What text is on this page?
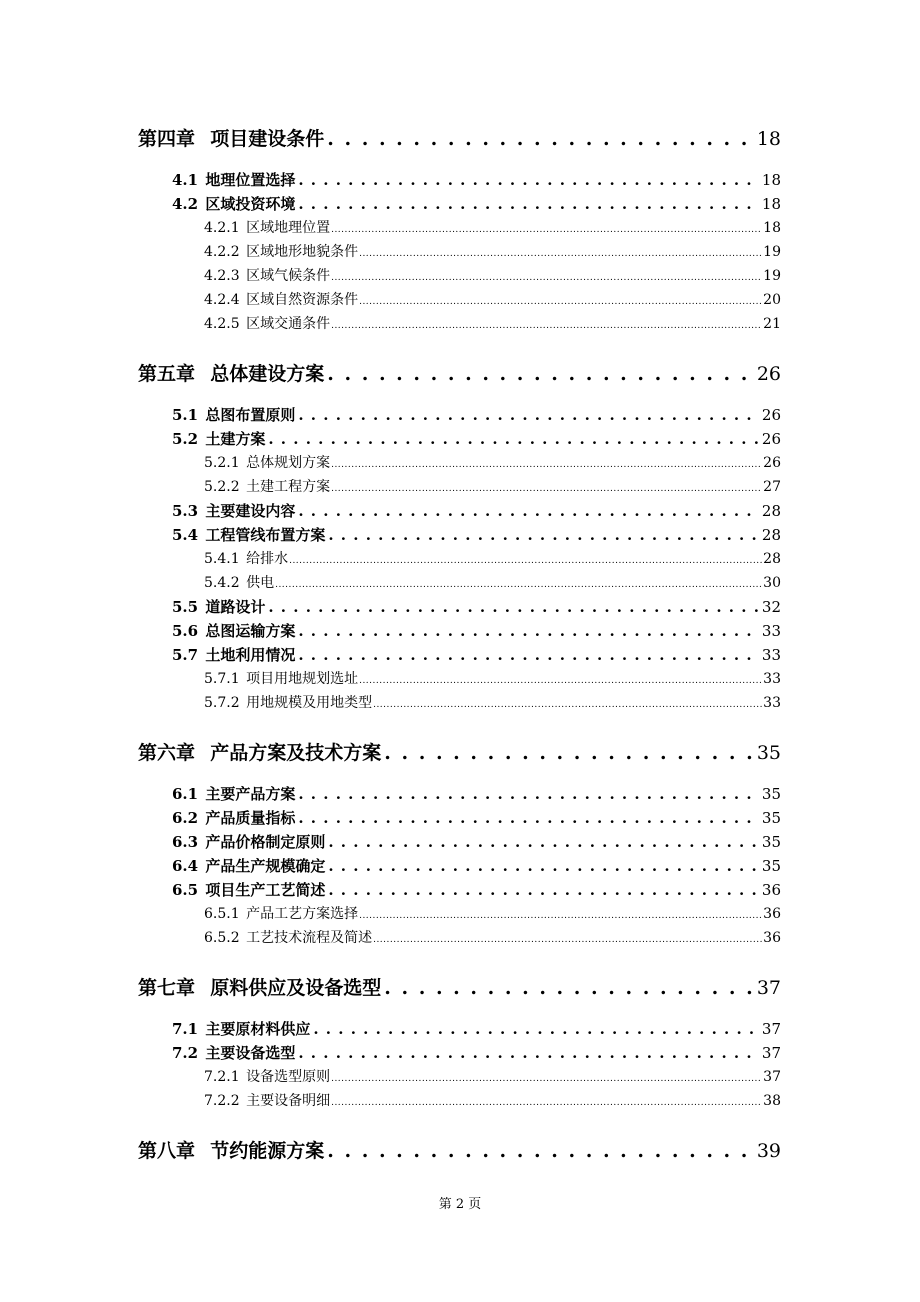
第四章 项目建设条件 . . .	18
4.1 地理位置选择 . . .	18
4.2 区域投资环境 . . .	18
4.2.1 区域地理位置 .....	18
4.2.2 区域地形地貌条件 .....	19
4.2.3 区域气候条件 .....	19
4.2.4 区域自然资源条件 .....	20
4.2.5 区域交通条件 .....	21
第五章 总体建设方案 . . .	26
5.1 总图布置原则 . . .	26
5.2 土建方案 . . .	26
5.2.1 总体规划方案 .....	26
5.2.2 土建工程方案 .....	27
5.3 主要建设内容 . . .	28
5.4 工程管线布置方案 . . .	28
5.4.1 给排水 .....	28
5.4.2 供电 .....	30
5.5 道路设计 . . .	32
5.6 总图运输方案 . . .	33
5.7 土地利用情况 . . .	33
5.7.1 项目用地规划选址 .....	33
5.7.2 用地规模及用地类型 .....	33
第六章 产品方案及技术方案 . . .	35
6.1 主要产品方案 . . .	35
6.2 产品质量指标 . . .	35
6.3 产品价格制定原则 . . .	35
6.4 产品生产规模确定 . . .	35
6.5 项目生产工艺简述 . . .	36
6.5.1 产品工艺方案选择 .....	36
6.5.2 工艺技术流程及简述 .....	36
第七章 原料供应及设备选型 . . .	37
7.1 主要原材料供应 . . .	37
7.2 主要设备选型 . . .	37
7.2.1 设备选型原则 .....	37
7.2.2 主要设备明细 .....	38
第八章 节约能源方案 . . .	39
第 2 页
